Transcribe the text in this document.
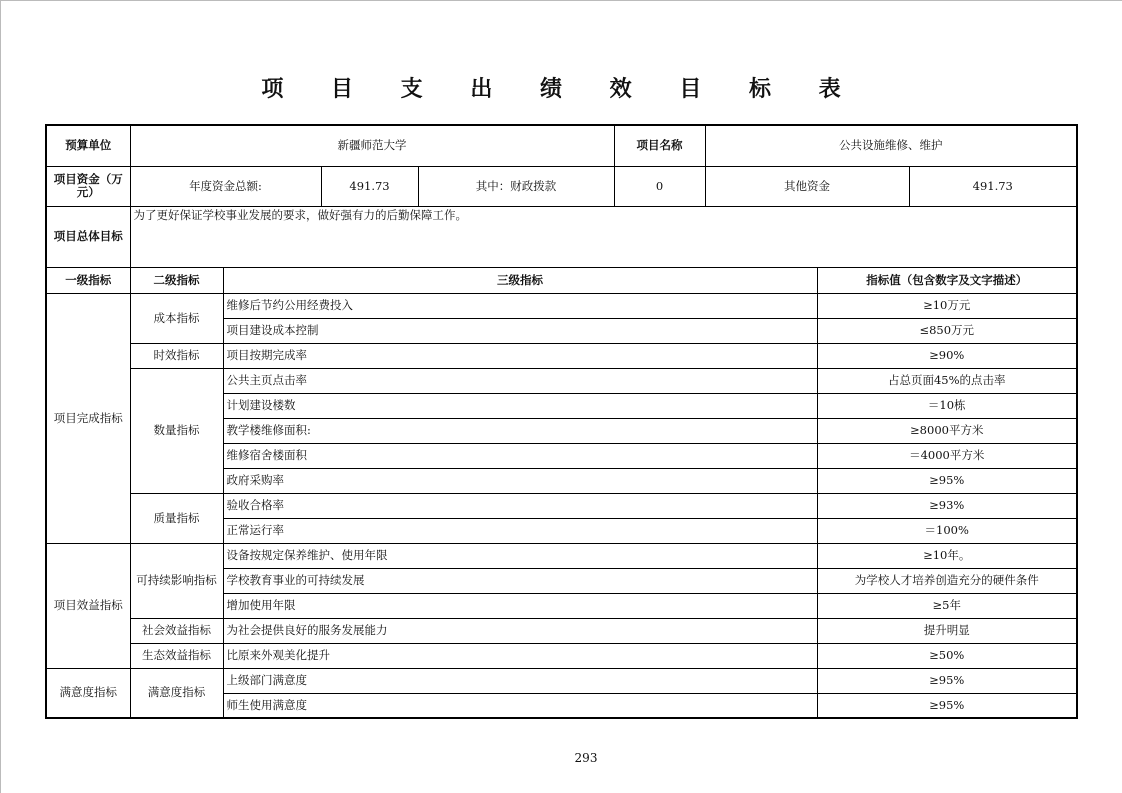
项 目 支 出 绩 效 目 标 表
预算单位	新疆师范大学				项目名称	公共设施维修、维护		
项目资金（万元）	年度资金总额:		491.73	其中：财政拨款	0	其他资金		491.73
项目总体目标	为了更好保证学校事业发展的要求，做好强有力的后勤保障工作。							
一级指标	二级指标	三级指标					指标值（包含数字及文字描述）	
项目完成指标	成本指标	维修后节约公用经费投入					≥10万元	
		项目建设成本控制					≤850万元	
	时效指标	项目按期完成率					≥90%	
	数量指标	公共主页点击率					占总页面45%的点击率	
		计划建设楼数					＝10栋	
		教学楼维修面积:					≥8000平方米	
		维修宿舍楼面积					＝4000平方米	
		政府采购率					≥95%	
	质量指标	验收合格率					≥93%	
		正常运行率					＝100%	
项目效益指标	可持续影响指标	设备按规定保养维护、使用年限					≥10年。	
		学校教育事业的可持续发展					为学校人才培养创造充分的硬件条件	
		增加使用年限					≥5年	
	社会效益指标	为社会提供良好的服务发展能力					提升明显	
	生态效益指标	比原来外观美化提升					≥50%	
满意度指标	满意度指标	上级部门满意度					≥95%	
		师生使用满意度					≥95%	
293
